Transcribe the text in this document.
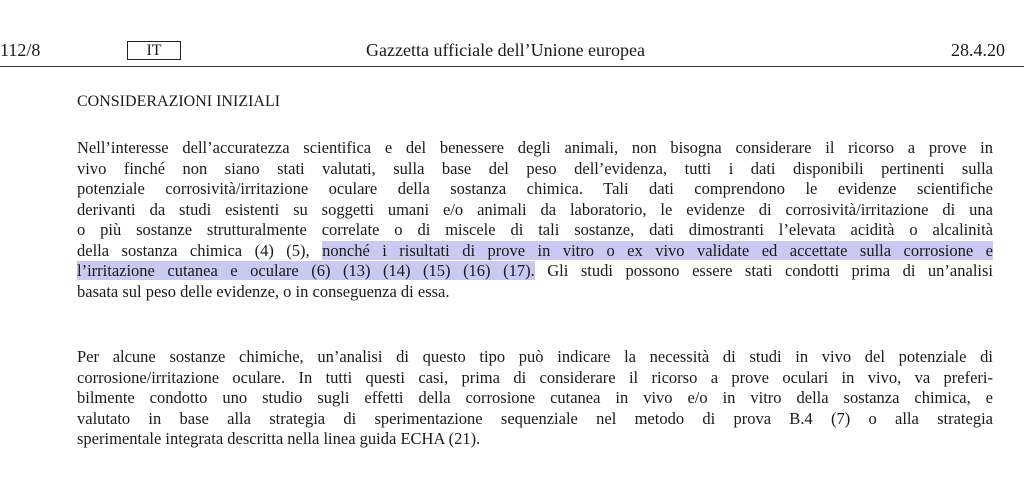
112/8	IT	Gazzetta ufficiale dell’Unione europea	28.4.20
CONSIDERAZIONI INIZIALI

Nell’interesse dell’accuratezza scientifica e del benessere degli animali, non bisogna considerare il ricorso a prove in
vivo finché non siano stati valutati, sulla base del peso dell’evidenza, tutti i dati disponibili pertinenti sulla
potenziale corrosività/irritazione oculare della sostanza chimica. Tali dati comprendono le evidenze scientifiche
derivanti da studi esistenti su soggetti umani e/o animali da laboratorio, le evidenze di corrosività/irritazione di una
o più sostanze strutturalmente correlate o di miscele di tali sostanze, dati dimostranti l’elevata acidità o alcalinità
della sostanza chimica (4) (5), nonché i risultati di prove in vitro o ex vivo validate ed accettate sulla corrosione e
l’irritazione cutanea e oculare (6) (13) (14) (15) (16) (17). Gli studi possono essere stati condotti prima di un’analisi
basata sul peso delle evidenze, o in conseguenza di essa.

Per alcune sostanze chimiche, un’analisi di questo tipo può indicare la necessità di studi in vivo del potenziale di
corrosione/irritazione oculare. In tutti questi casi, prima di considerare il ricorso a prove oculari in vivo, va preferi-
bilmente condotto uno studio sugli effetti della corrosione cutanea in vivo e/o in vitro della sostanza chimica, e
valutato in base alla strategia di sperimentazione sequenziale nel metodo di prova B.4 (7) o alla strategia
sperimentale integrata descritta nella linea guida ECHA (21).
